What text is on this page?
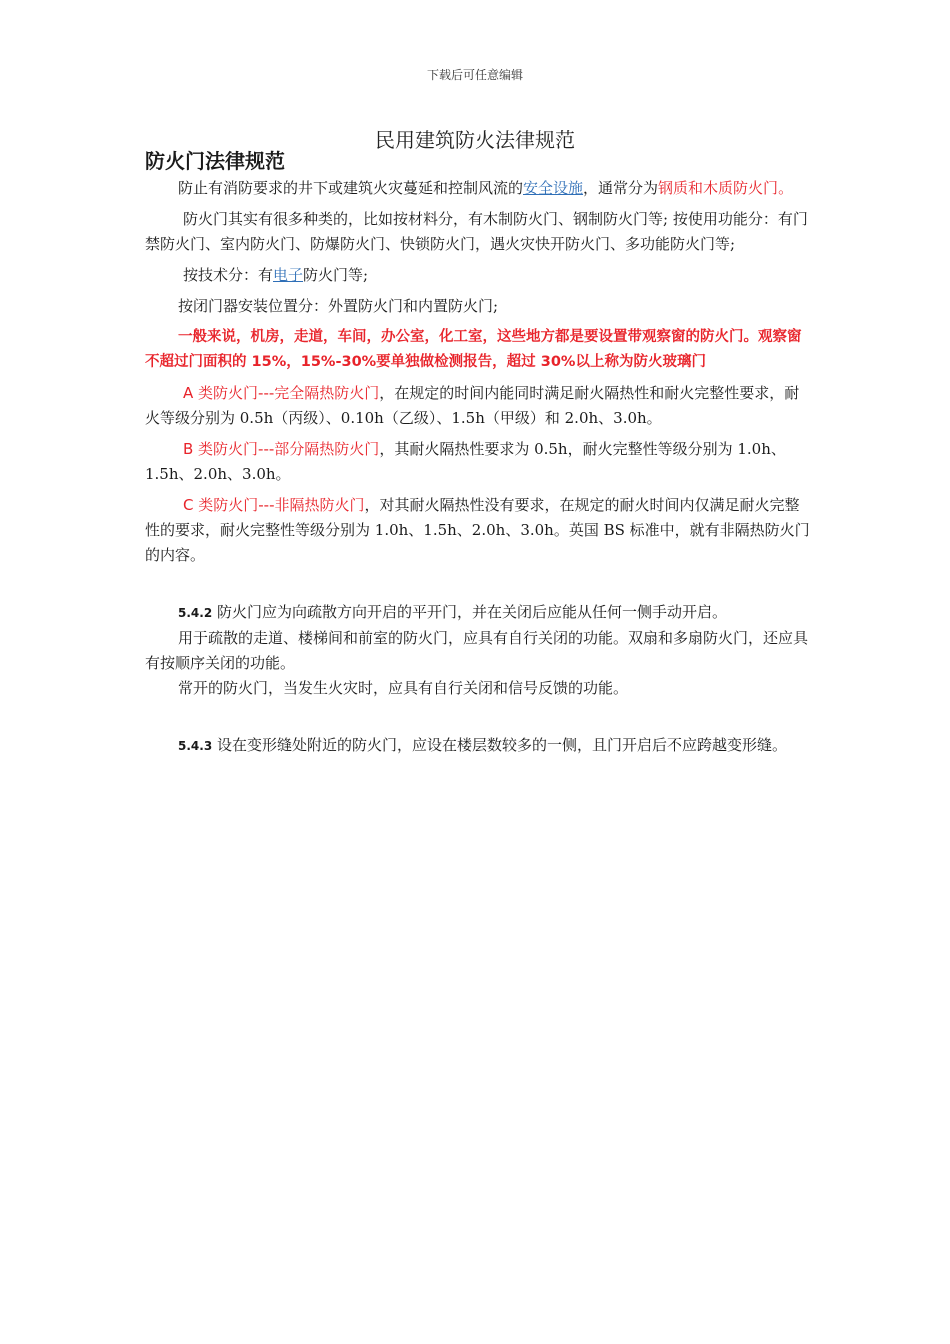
下载后可任意编辑
民用建筑防火法律规范
防火门法律规范

防止有消防要求的井下或建筑火灾蔓延和控制风流的安全设施，通常分为钢质和木质防火门。

防火门其实有很多种类的，比如按材料分，有木制防火门、钢制防火门等; 按使用功能分：有门禁防火门、室内防火门、防爆防火门、快锁防火门，遇火灾快开防火门、多功能防火门等;

按技术分：有电子防火门等;

按闭门器安装位置分：外置防火门和内置防火门;

一般来说，机房，走道，车间，办公室，化工室，这些地方都是要设置带观察窗的防火门。观察窗不超过门面积的 15%，15%-30%要单独做检测报告，超过 30%以上称为防火玻璃门

A 类防火门---完全隔热防火门，在规定的时间内能同时满足耐火隔热性和耐火完整性要求，耐火等级分别为 0.5h（丙级）、0.10h（乙级）、1.5h（甲级）和 2.0h、3.0h。

B 类防火门---部分隔热防火门，其耐火隔热性要求为 0.5h，耐火完整性等级分别为 1.0h、1.5h、2.0h、3.0h。

C 类防火门---非隔热防火门，对其耐火隔热性没有要求，在规定的耐火时间内仅满足耐火完整性的要求，耐火完整性等级分别为 1.0h、1.5h、2.0h、3.0h。英国 BS 标准中，就有非隔热防火门的内容。

5.4.2 防火门应为向疏散方向开启的平开门，并在关闭后应能从任何一侧手动开启。

用于疏散的走道、楼梯间和前室的防火门，应具有自行关闭的功能。双扇和多扇防火门，还应具有按顺序关闭的功能。

常开的防火门，当发生火灾时，应具有自行关闭和信号反馈的功能。

5.4.3 设在变形缝处附近的防火门，应设在楼层数较多的一侧，且门开启后不应跨越变形缝。
